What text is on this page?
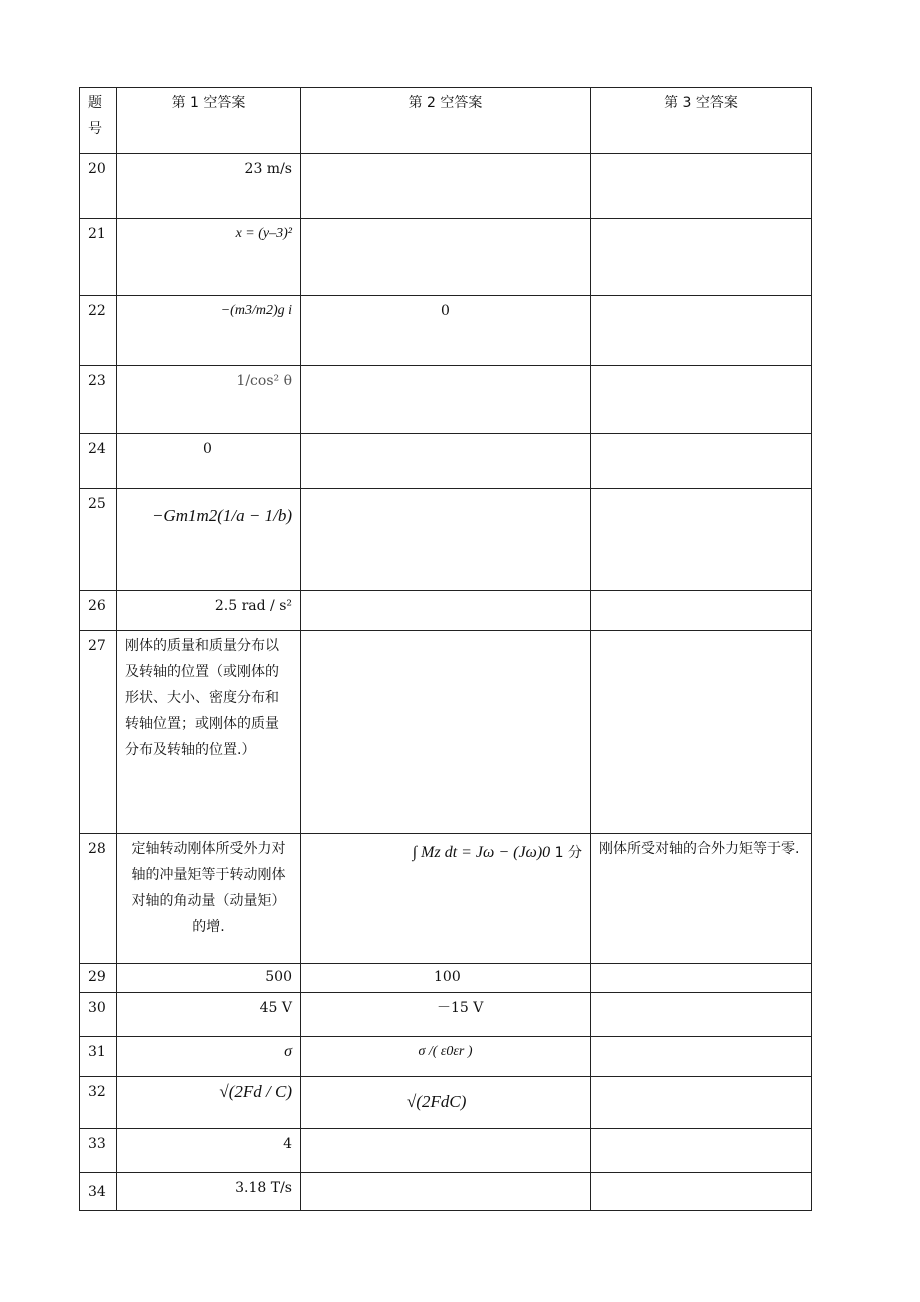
题号	第 1 空答案	第 2 空答案	第 3 空答案
20	23 m/s		
21	x = (y–3)²		
22	−(m3/m2)g i	0	
23	1/cos² θ		
24	0		
25	−Gm1m2(1/a − 1/b)		
26	2.5 rad / s²		
27	刚体的质量和质量分布以及转轴的位置（或刚体的形状、大小、密度分布和转轴位置；或刚体的质量分布及转轴的位置.）		
28	定轴转动刚体所受外力对轴的冲量矩等于转动刚体对轴的角动量（动量矩）的增.	∫ Mz dt = Jω − (Jω)0 1 分	刚体所受对轴的合外力矩等于零.
29	500	100	
30	45 V	－15 V	
31	σ	σ /( ε0εr )	
32	√(2Fd / C)	√(2FdC)	
33	4		
34	3.18 T/s		
